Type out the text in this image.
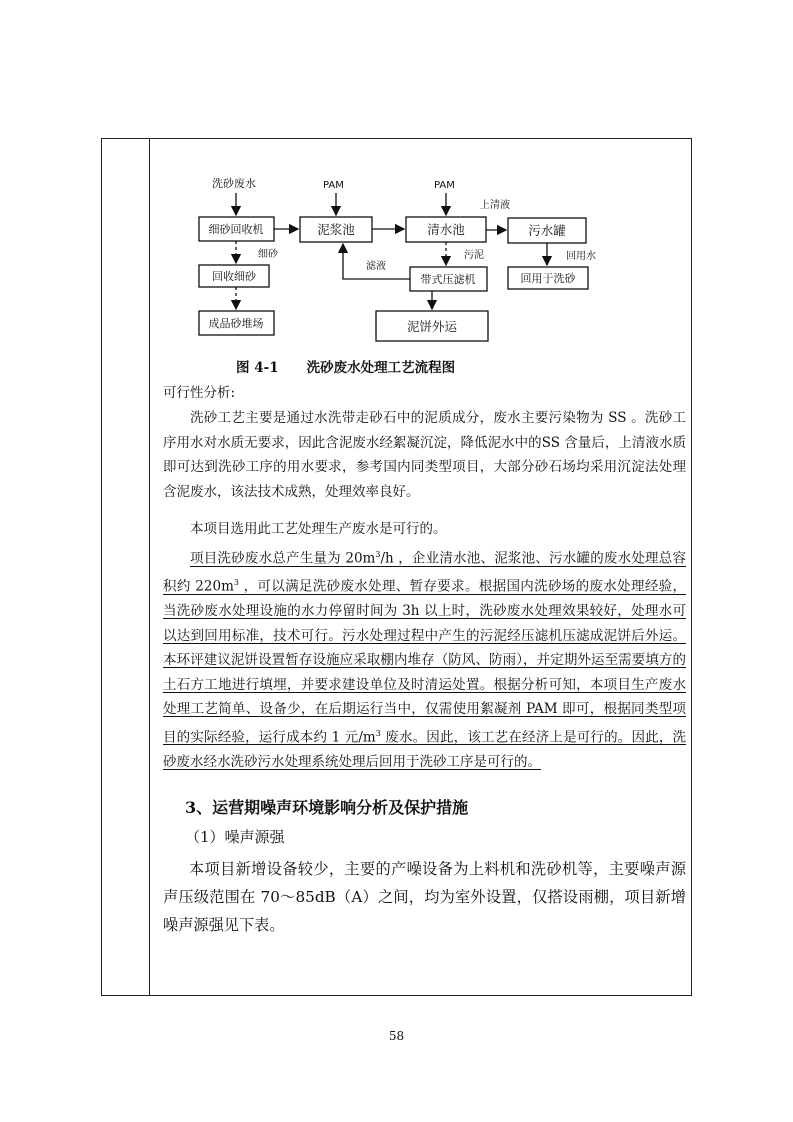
洗砂废水
细砂回收机
回收细砂
成品砂堆场
泥浆池	清水池	污水罐
带式压滤机
泥饼外运
回用于洗砂
PAM	PAM
上清液
细砂	污泥
滤液
回用水
图 4-1 洗砂废水处理工艺流程图
可行性分析:
洗砂工艺主要是通过水洗带走砂石中的泥质成分，废水主要污染物为 SS 。洗砂工序用水对水质无要求，因此含泥废水经絮凝沉淀，降低泥水中的SS 含量后，上清液水质即可达到洗砂工序的用水要求，参考国内同类型项目，大部分砂石场均采用沉淀法处理含泥废水，该法技术成熟，处理效率良好。
本项目选用此工艺处理生产废水是可行的。
项目洗砂废水总产生量为 $20m^3/h$ ，企业清水池、泥浆池、污水罐的废水处理总容积约 $220m^3$ ，可以满足洗砂废水处理、暂存要求。根据国内洗砂场的废水处理经验，当洗砂废水处理设施的水力停留时间为 3h 以上时，洗砂废水处理效果较好，处理水可以达到回用标准，技术可行。污水处理过程中产生的污泥经压滤机压滤成泥饼后外运。本环评建议泥饼设置暂存设施应采取棚内堆存（防风、防雨），并定期外运至需要填方的土石方工地进行填埋，并要求建设单位及时清运处置。根据分析可知，本项目生产废水处理工艺简单、设备少，在后期运行当中，仅需使用絮凝剂 PAM 即可，根据同类型项目的实际经验，运行成本约 1 元$/m^3$ 废水。因此，该工艺在经济上是可行的。因此，洗砂废水经水洗砂污水处理系统处理后回用于洗砂工序是可行的。
3、运营期噪声环境影响分析及保护措施
（1）噪声源强
本项目新增设备较少，主要的产噪设备为上料机和洗砂机等，主要噪声源声压级范围在 70～85dB（A）之间，均为室外设置，仅搭设雨棚，项目新增噪声源强见下表。
58
